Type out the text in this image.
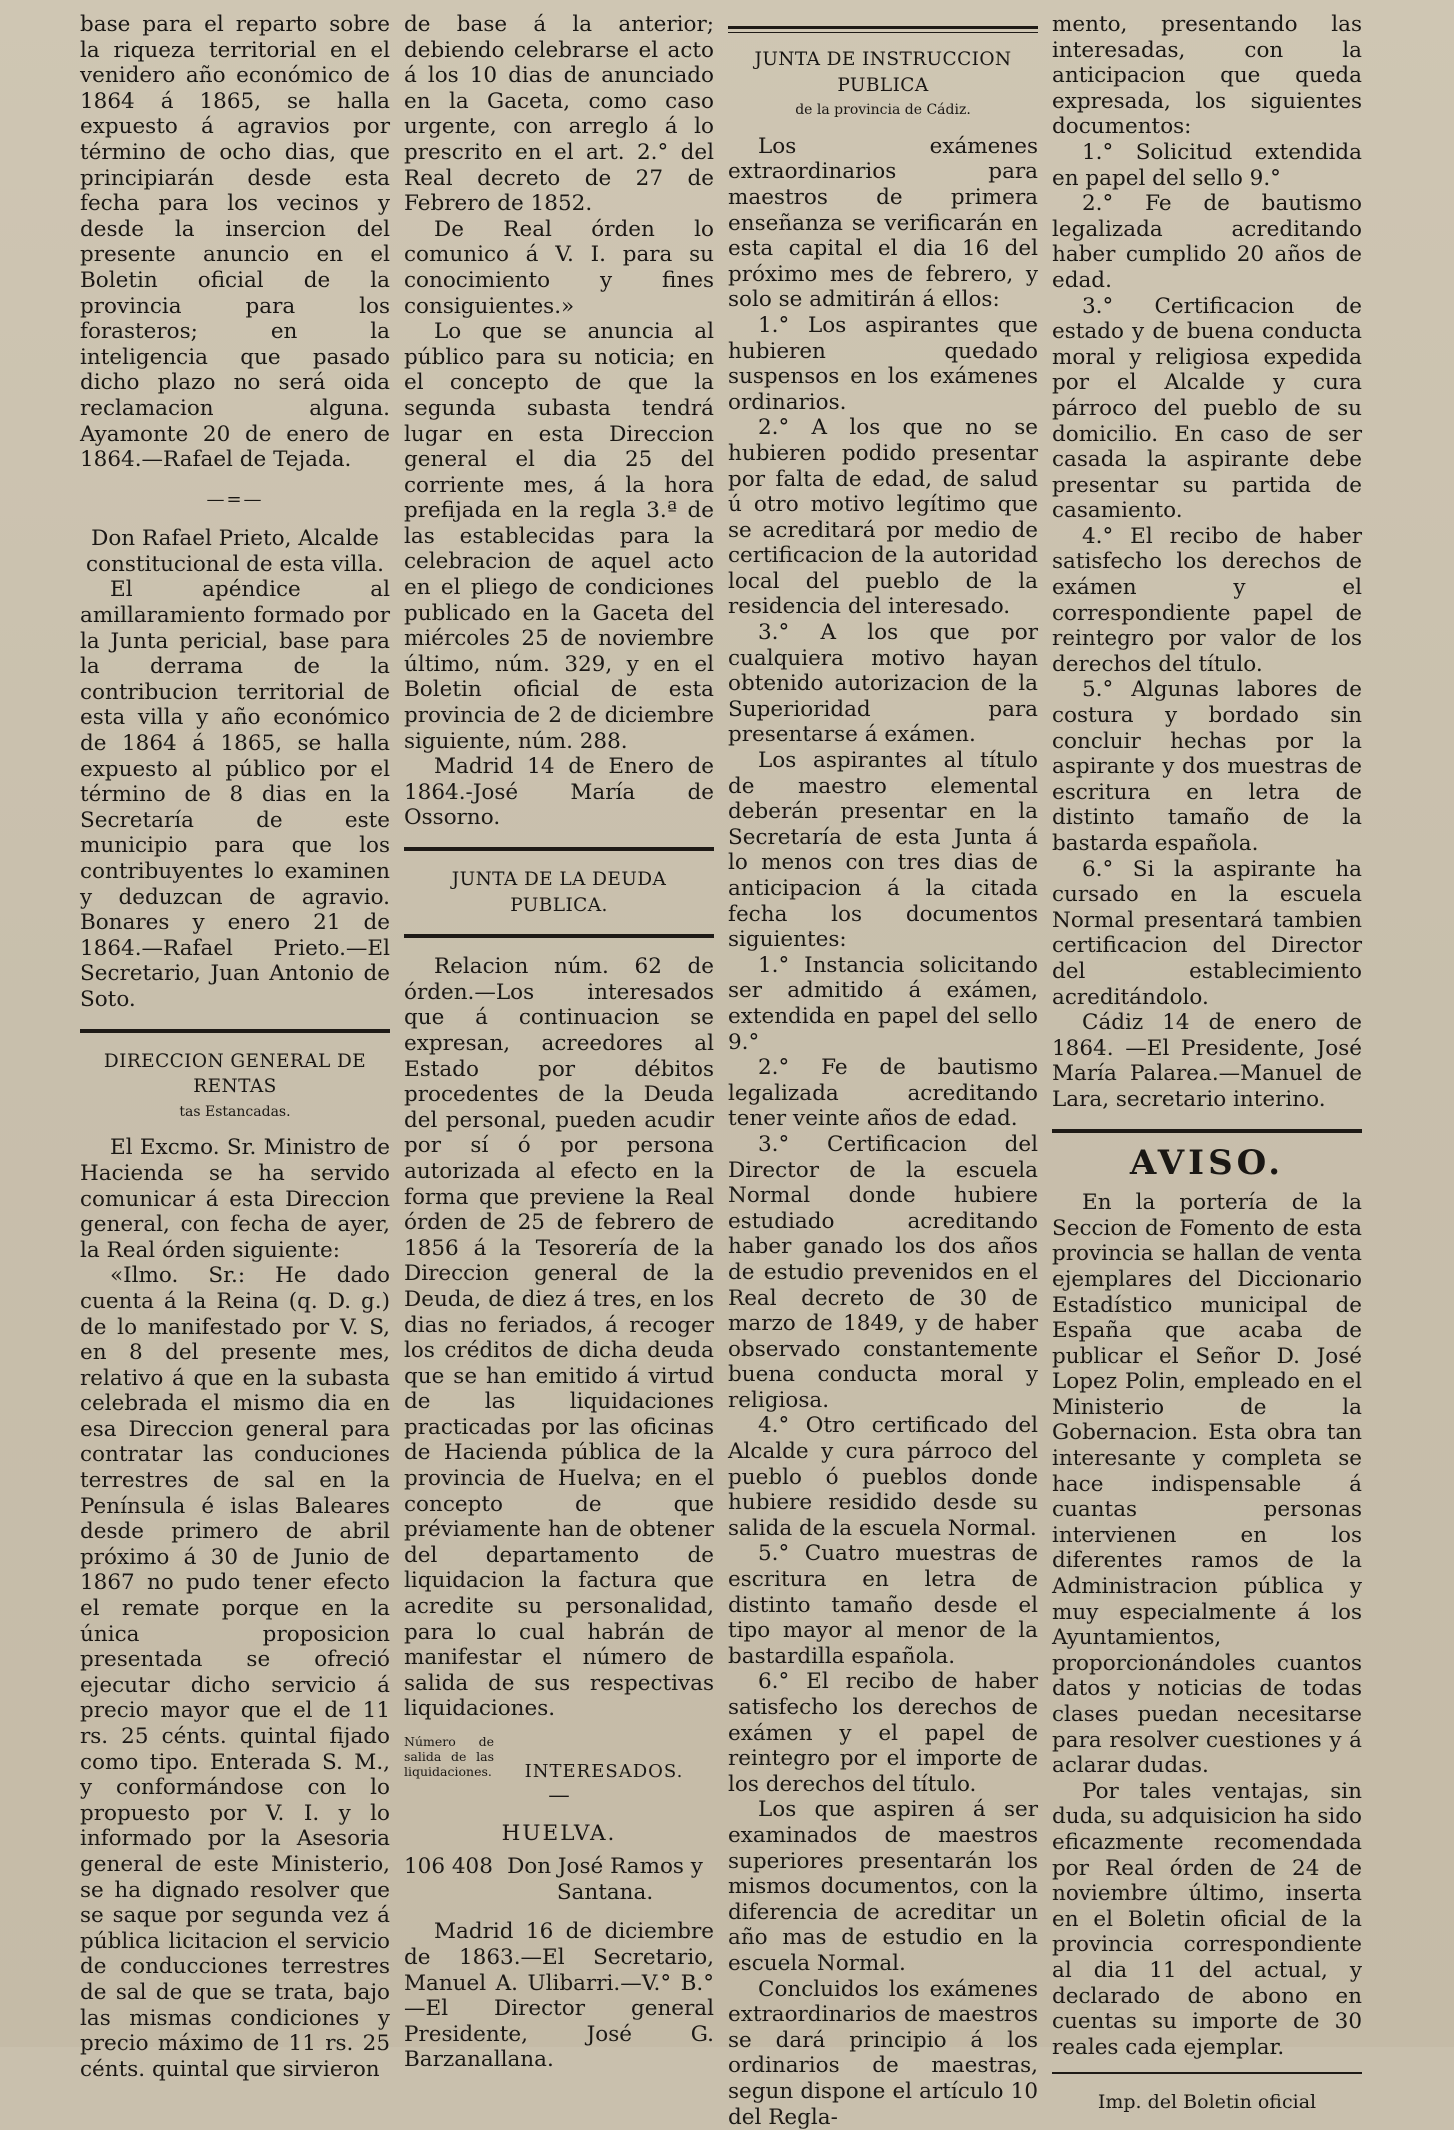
base para el reparto sobre la riqueza territorial en el venidero año económico de 1864 á 1865, se halla expuesto á agravios por término de ocho dias, que principiarán desde esta fecha para los vecinos y desde la insercion del presente anuncio en el Boletin oficial de la provincia para los forasteros; en la inteligencia que pasado dicho plazo no será oida reclamacion alguna. Ayamonte 20 de enero de 1864.—Rafael de Tejada.

—=—

Don Rafael Prieto, Alcalde constitucional de esta villa.

El apéndice al amillaramiento formado por la Junta pericial, base para la derrama de la contribucion territorial de esta villa y año económico de 1864 á 1865, se halla expuesto al público por el término de 8 dias en la Secretaría de este municipio para que los contribuyentes lo examinen y deduzcan de agravio. Bonares y enero 21 de 1864.—Rafael Prieto.—El Secretario, Juan Antonio de Soto.

DIRECCION GENERAL DE RENTAS
tas Estancadas.

El Excmo. Sr. Ministro de Hacienda se ha servido comunicar á esta Direccion general, con fecha de ayer, la Real órden siguiente:

«Ilmo. Sr.: He dado cuenta á la Reina (q. D. g.) de lo manifestado por V. S, en 8 del presente mes, relativo á que en la subasta celebrada el mismo dia en esa Direccion general para contratar las conduciones terrestres de sal en la Península é islas Baleares desde primero de abril próximo á 30 de Junio de 1867 no pudo tener efecto el remate porque en la única proposicion presentada se ofreció ejecutar dicho servicio á precio mayor que el de 11 rs. 25 cénts. quintal fijado como tipo. Enterada S. M., y conformándose con lo propuesto por V. I. y lo informado por la Asesoria general de este Ministerio, se ha dignado resolver que se saque por segunda vez á pública licitacion el servicio de conducciones terrestres de sal de que se trata, bajo las mismas condiciones y precio máximo de 11 rs. 25 cénts. quintal que sirvieron

de base á la anterior; debiendo celebrarse el acto á los 10 dias de anunciado en la Gaceta, como caso urgente, con arreglo á lo prescrito en el art. 2.° del Real decreto de 27 de Febrero de 1852.

De Real órden lo comunico á V. I. para su conocimiento y fines consiguientes.»

Lo que se anuncia al público para su noticia; en el concepto de que la segunda subasta tendrá lugar en esta Direccion general el dia 25 del corriente mes, á la hora prefijada en la regla 3.ª de las establecidas para la celebracion de aquel acto en el pliego de condiciones publicado en la Gaceta del miércoles 25 de noviembre último, núm. 329, y en el Boletin oficial de esta provincia de 2 de diciembre siguiente, núm. 288.

Madrid 14 de Enero de 1864.-José María de Ossorno.

JUNTA DE LA DEUDA PUBLICA.

Relacion núm. 62 de órden.—Los interesados que á continuacion se expresan, acreedores al Estado por débitos procedentes de la Deuda del personal, pueden acudir por sí ó por persona autorizada al efecto en la forma que previene la Real órden de 25 de febrero de 1856 á la Tesorería de la Direccion general de la Deuda, de diez á tres, en los dias no feriados, á recoger los créditos de dicha deuda que se han emitido á virtud de las liquidaciones practicadas por las oficinas de Hacienda pública de la provincia de Huelva; en el concepto de que préviamente han de obtener del departamento de liquidacion la factura que acredite su personalidad, para lo cual habrán de manifestar el número de salida de sus respectivas liquidaciones.

Número de salida de las liquidaciones.	INTERESADOS.
—
HUELVA.
106 408 Don José Ramos y Santana.

Madrid 16 de diciembre de 1863.—El Secretario, Manuel A. Ulibarri.—V.° B.°—El Director general Presidente, José G. Barzanallana.

JUNTA DE INSTRUCCION PUBLICA
de la provincia de Cádiz.

Los exámenes extraordinarios para maestros de primera enseñanza se verificarán en esta capital el dia 16 del próximo mes de febrero, y solo se admitirán á ellos:

1.° Los aspirantes que hubieren quedado suspensos en los exámenes ordinarios.

2.° A los que no se hubieren podido presentar por falta de edad, de salud ú otro motivo legítimo que se acreditará por medio de certificacion de la autoridad local del pueblo de la residencia del interesado.

3.° A los que por cualquiera motivo hayan obtenido autorizacion de la Superioridad para presentarse á exámen.

Los aspirantes al título de maestro elemental deberán presentar en la Secretaría de esta Junta á lo menos con tres dias de anticipacion á la citada fecha los documentos siguientes:

1.° Instancia solicitando ser admitido á exámen, extendida en papel del sello 9.°

2.° Fe de bautismo legalizada acreditando tener veinte años de edad.

3.° Certificacion del Director de la escuela Normal donde hubiere estudiado acreditando haber ganado los dos años de estudio prevenidos en el Real decreto de 30 de marzo de 1849, y de haber observado constantemente buena conducta moral y religiosa.

4.° Otro certificado del Alcalde y cura párroco del pueblo ó pueblos donde hubiere residido desde su salida de la escuela Normal.

5.° Cuatro muestras de escritura en letra de distinto tamaño desde el tipo mayor al menor de la bastardilla española.

6.° El recibo de haber satisfecho los derechos de exámen y el papel de reintegro por el importe de los derechos del título.

Los que aspiren á ser examinados de maestros superiores presentarán los mismos documentos, con la diferencia de acreditar un año mas de estudio en la escuela Normal.

Concluidos los exámenes extraordinarios de maestros se dará principio á los ordinarios de maestras, segun dispone el artículo 10 del Regla-

mento, presentando las interesadas, con la anticipacion que queda expresada, los siguientes documentos:

1.° Solicitud extendida en papel del sello 9.°

2.° Fe de bautismo legalizada acreditando haber cumplido 20 años de edad.

3.° Certificacion de estado y de buena conducta moral y religiosa expedida por el Alcalde y cura párroco del pueblo de su domicilio. En caso de ser casada la aspirante debe presentar su partida de casamiento.

4.° El recibo de haber satisfecho los derechos de exámen y el correspondiente papel de reintegro por valor de los derechos del título.

5.° Algunas labores de costura y bordado sin concluir hechas por la aspirante y dos muestras de escritura en letra de distinto tamaño de la bastarda española.

6.° Si la aspirante ha cursado en la escuela Normal presentará tambien certificacion del Director del establecimiento acreditándolo.

Cádiz 14 de enero de 1864. —El Presidente, José María Palarea.—Manuel de Lara, secretario interino.

AVISO.

En la portería de la Seccion de Fomento de esta provincia se hallan de venta ejemplares del Diccionario Estadístico municipal de España que acaba de publicar el Señor D. José Lopez Polin, empleado en el Ministerio de la Gobernacion. Esta obra tan interesante y completa se hace indispensable á cuantas personas intervienen en los diferentes ramos de la Administracion pública y muy especialmente á los Ayuntamientos, proporcionándoles cuantos datos y noticias de todas clases puedan necesitarse para resolver cuestiones y á aclarar dudas.

Por tales ventajas, sin duda, su adquisicion ha sido eficazmente recomendada por Real órden de 24 de noviembre último, inserta en el Boletin oficial de la provincia correspondiente al dia 11 del actual, y declarado de abono en cuentas su importe de 30 reales cada ejemplar.

Imp. del Boletin oficial
